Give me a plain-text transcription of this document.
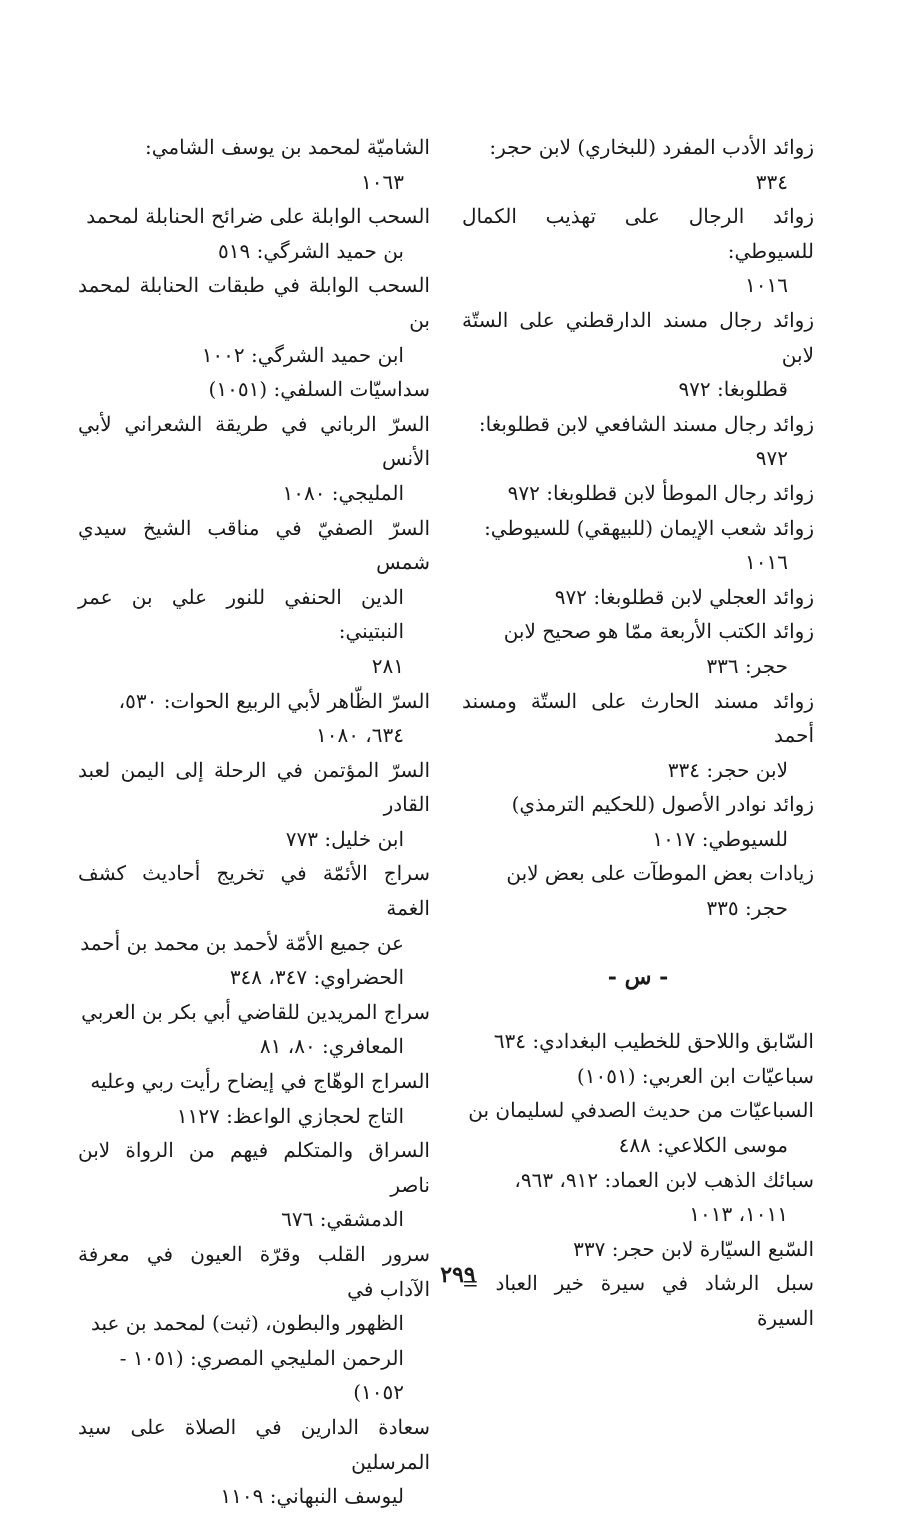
زوائد الأدب المفرد (للبخاري) لابن حجر:
٣٣٤
زوائد الرجال على تهذيب الكمال للسيوطي:
١٠١٦
زوائد رجال مسند الدارقطني على الستّة لابن
قطلوبغا: ٩٧٢
زوائد رجال مسند الشافعي لابن قطلوبغا:
٩٧٢
زوائد رجال الموطأ لابن قطلوبغا: ٩٧٢
زوائد شعب الإيمان (للبيهقي) للسيوطي:
١٠١٦
زوائد العجلي لابن قطلوبغا: ٩٧٢
زوائد الكتب الأربعة ممّا هو صحيح لابن
حجر: ٣٣٦
زوائد مسند الحارث على الستّة ومسند أحمد
لابن حجر: ٣٣٤
زوائد نوادر الأصول (للحكيم الترمذي)
للسيوطي: ١٠١٧
زيادات بعض الموطآت على بعض لابن
حجر: ٣٣٥
- س -
السّابق واللاحق للخطيب البغدادي: ٦٣٤
سباعيّات ابن العربي: (١٠٥١)
السباعيّات من حديث الصدفي لسليمان بن
موسى الكلاعي: ٤٨٨
سبائك الذهب لابن العماد: ٩١٢، ٩٦٣،
١٠١١، ١٠١٣
السّبع السيّارة لابن حجر: ٣٣٧
سبل الرشاد في سيرة خير العباد = السيرة
الشاميّة لمحمد بن يوسف الشامي:
١٠٦٣
السحب الوابلة على ضرائح الحنابلة لمحمد
بن حميد الشرگي: ٥١٩
السحب الوابلة في طبقات الحنابلة لمحمد بن
ابن حميد الشرگي: ١٠٠٢
سداسيّات السلفي: (١٠٥١)
السرّ الرباني في طريقة الشعراني لأبي الأنس
المليجي: ١٠٨٠
السرّ الصفيّ في مناقب الشيخ سيدي شمس
الدين الحنفي للنور علي بن عمر النبتيني:
٢٨١
السرّ الظّاهر لأبي الربيع الحوات: ٥٣٠،
٦٣٤، ١٠٨٠
السرّ المؤتمن في الرحلة إلى اليمن لعبد القادر
ابن خليل: ٧٧٣
سراج الأئمّة في تخريج أحاديث كشف الغمة
عن جميع الأمّة لأحمد بن محمد بن أحمد
الحضراوي: ٣٤٧، ٣٤٨
سراج المريدين للقاضي أبي بكر بن العربي
المعافري: ٨٠، ٨١
السراج الوهّاج في إيضاح رأيت ربي وعليه
التاج لحجازي الواعظ: ١١٢٧
السراق والمتكلم فيهم من الرواة لابن ناصر
الدمشقي: ٦٧٦
سرور القلب وقرّة العيون في معرفة الآداب في
الظهور والبطون، (ثبت) لمحمد بن عبد
الرحمن المليجي المصري: (١٠٥١ -
١٠٥٢)
سعادة الدارين في الصلاة على سيد المرسلين
ليوسف النبهاني: ١١٠٩
٢٩٩
